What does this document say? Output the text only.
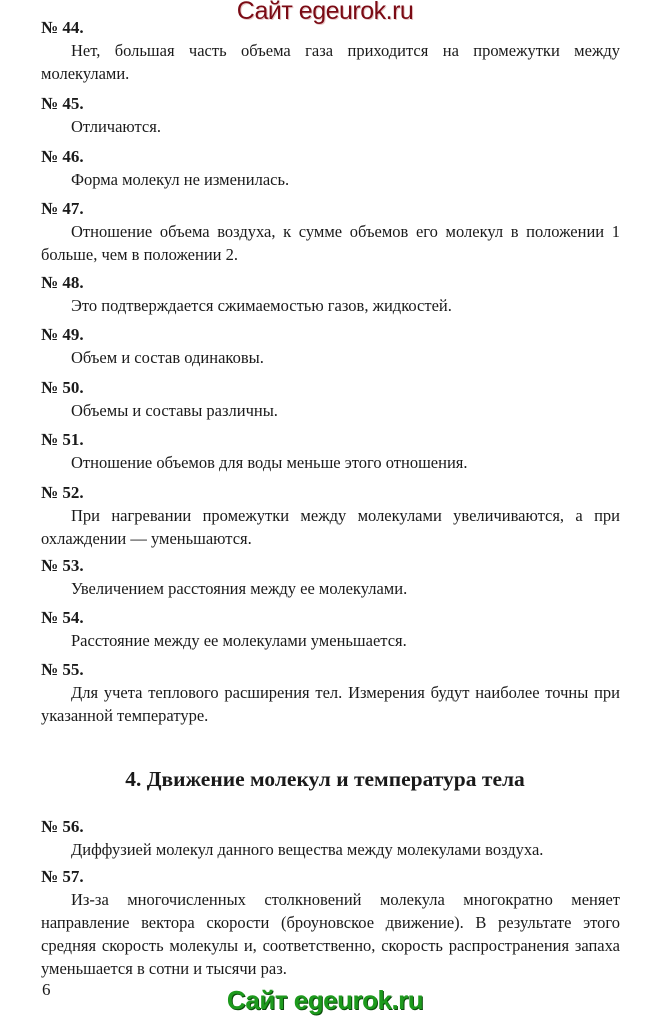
Сайт egeurok.ru

№ 44.

Нет, большая часть объема газа приходится на промежутки между молекулами.

№ 45.

Отличаются.

№ 46.

Форма молекул не изменилась.

№ 47.

Отношение объема воздуха, к сумме объемов его молекул в положении 1 больше, чем в положении 2.

№ 48.

Это подтверждается сжимаемостью газов, жидкостей.

№ 49.

Объем и состав одинаковы.

№ 50.

Объемы и составы различны.

№ 51.

Отношение объемов для воды меньше этого отношения.

№ 52.

При нагревании промежутки между молекулами увеличиваются, а при охлаждении — уменьшаются.

№ 53.

Увеличением расстояния между ее молекулами.

№ 54.

Расстояние между ее молекулами уменьшается.

№ 55.

Для учета теплового расширения тел. Измерения будут наиболее точны при указанной температуре.

№ 56.

Диффузией молекул данного вещества между молекулами воздуха.

№ 57.

Из-за многочисленных столкновений молекула многократно меняет направление вектора скорости (броуновское движение). В результате этого средняя скорость молекулы и, соответственно, скорость распространения запаха уменьшается в сотни и тысячи раз.

4. Движение молекул и температура тела
6	Сайт egeurok.ru
